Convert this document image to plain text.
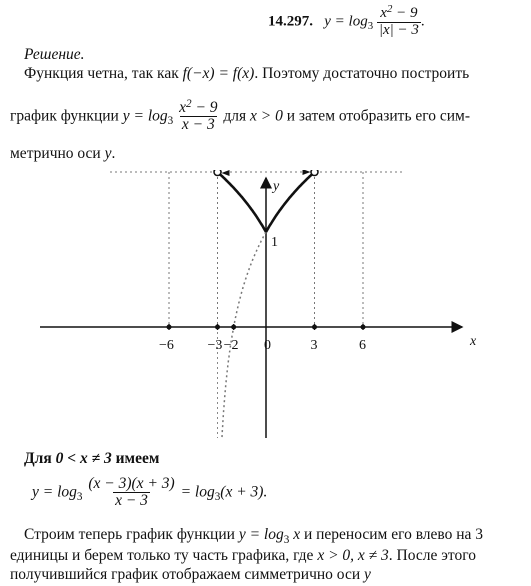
14.297. $y = \log_3 \frac{x^2 - 9}{|x| - 3}$ .
Решение.
Функция четна, так как f(−x) = f(x). Поэтому достаточно построить
график функции $y = \log_3 \frac{x^2 - 9}{x - 3}$ для x > 0 и затем отобразить его сим-
метрично оси y.
x
y
−6 −3 −2 0	3	6
1
Для 0 < x ≠ 3 имеем
$y = \log_3 \frac{(x - 3)(x + 3)}{x - 3} = \log_3(x + 3)$.
Строим теперь график функции $y = \log_3 x$ и переносим его влево на 3
единицы и берем только ту часть графика, где x > 0, x ≠ 3. После этого
получившийся график отображаем симметрично оси y
